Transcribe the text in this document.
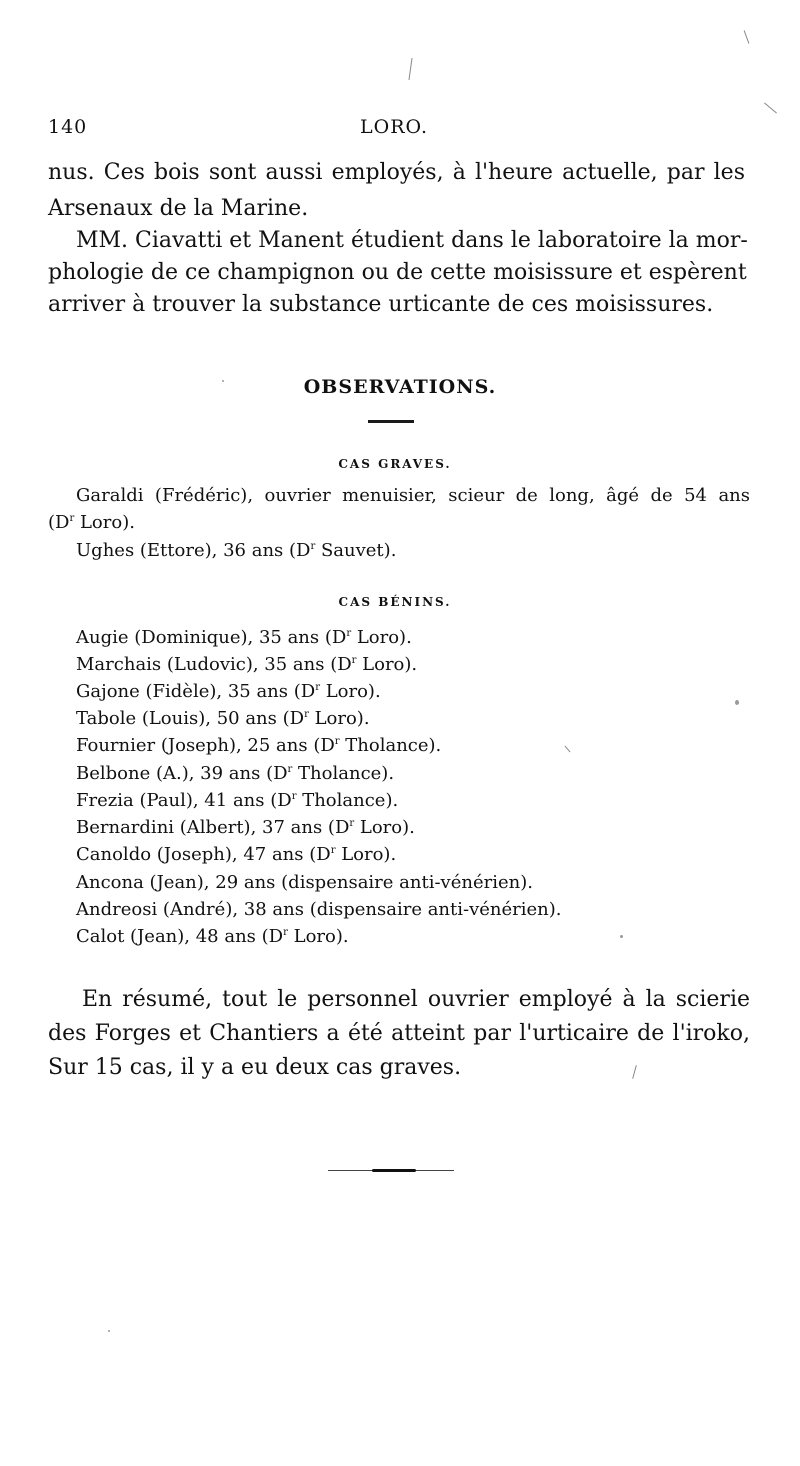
140	LORO.
nus. Ces bois sont aussi employés, à l'heure actuelle, par les
Arsenaux de la Marine.
MM. Ciavatti et Manent étudient dans le laboratoire la mor-
phologie de ce champignon ou de cette moisissure et espèrent
arriver à trouver la substance urticante de ces moisissures.
OBSERVATIONS.
CAS GRAVES.
Garaldi (Frédéric), ouvrier menuisier, scieur de long, âgé de 54 ans
($D^r$ Loro).
Ughes (Ettore), 36 ans ($D^r$ Sauvet).
CAS BÉNINS.
Augie (Dominique), 35 ans ($D^r$ Loro).
Marchais (Ludovic), 35 ans ($D^r$ Loro).
Gajone (Fidèle), 35 ans ($D^r$ Loro).
Tabole (Louis), 50 ans ($D^r$ Loro).
Fournier (Joseph), 25 ans ($D^r$ Tholance).
Belbone (A.), 39 ans ($D^r$ Tholance).
Frezia (Paul), 41 ans ($D^r$ Tholance).
Bernardini (Albert), 37 ans ($D^r$ Loro).
Canoldo (Joseph), 47 ans ($D^r$ Loro).
Ancona (Jean), 29 ans (dispensaire anti-vénérien).
Andreosi (André), 38 ans (dispensaire anti-vénérien).
Calot (Jean), 48 ans ($D^r$ Loro).
En résumé, tout le personnel ouvrier employé à la scierie
des Forges et Chantiers a été atteint par l'urticaire de l'iroko,
Sur 15 cas, il y a eu deux cas graves.
